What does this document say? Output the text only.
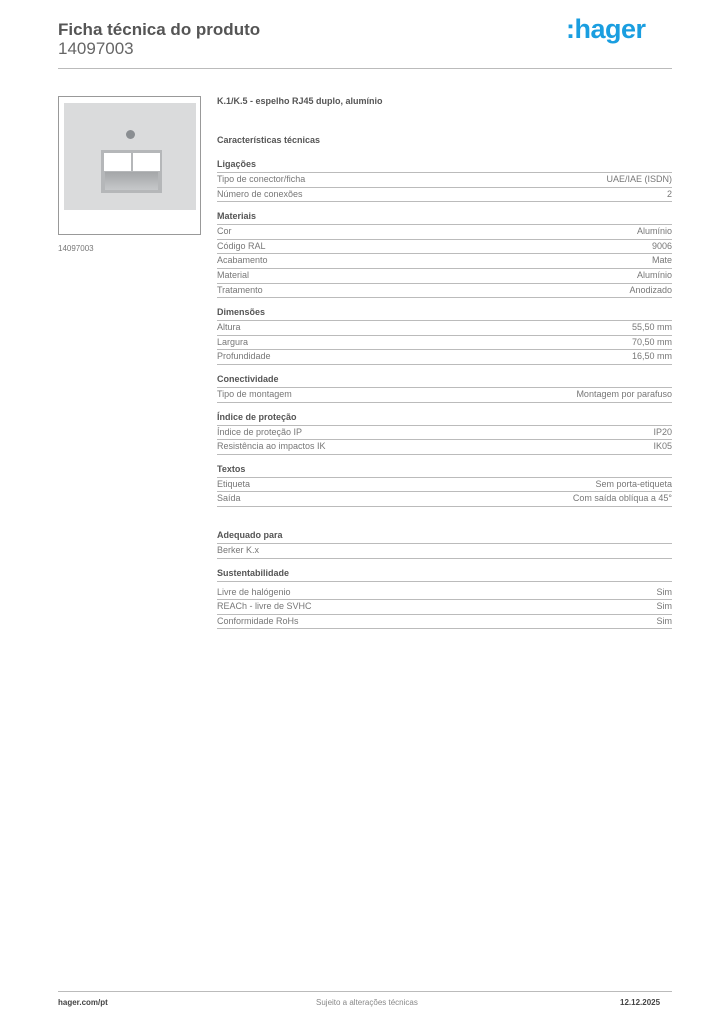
Ficha técnica do produto
14097003
:hager
14097003
K.1/K.5 - espelho RJ45 duplo, alumínio
Características técnicas
Ligações
Tipo de conector/ficha	UAE/IAE (ISDN)
Número de conexões	2
Materiais
Cor	Alumínio
Código RAL	9006
Acabamento	Mate
Material	Alumínio
Tratamento	Anodizado
Dimensões
Altura	55,50 mm
Largura	70,50 mm
Profundidade	16,50 mm
Conectividade
Tipo de montagem	Montagem por parafuso
Índice de proteção
Índice de proteção IP	IP20
Resistência ao impactos IK	IK05
Textos
Etiqueta	Sem porta-etiqueta
Saída	Com saída oblíqua a 45°
Adequado para
Berker K.x
Sustentabilidade
Livre de halógenio	Sim
REACh - livre de SVHC	Sim
Conformidade RoHs	Sim
hager.com/pt	Sujeito a alterações técnicas	12.12.2025
